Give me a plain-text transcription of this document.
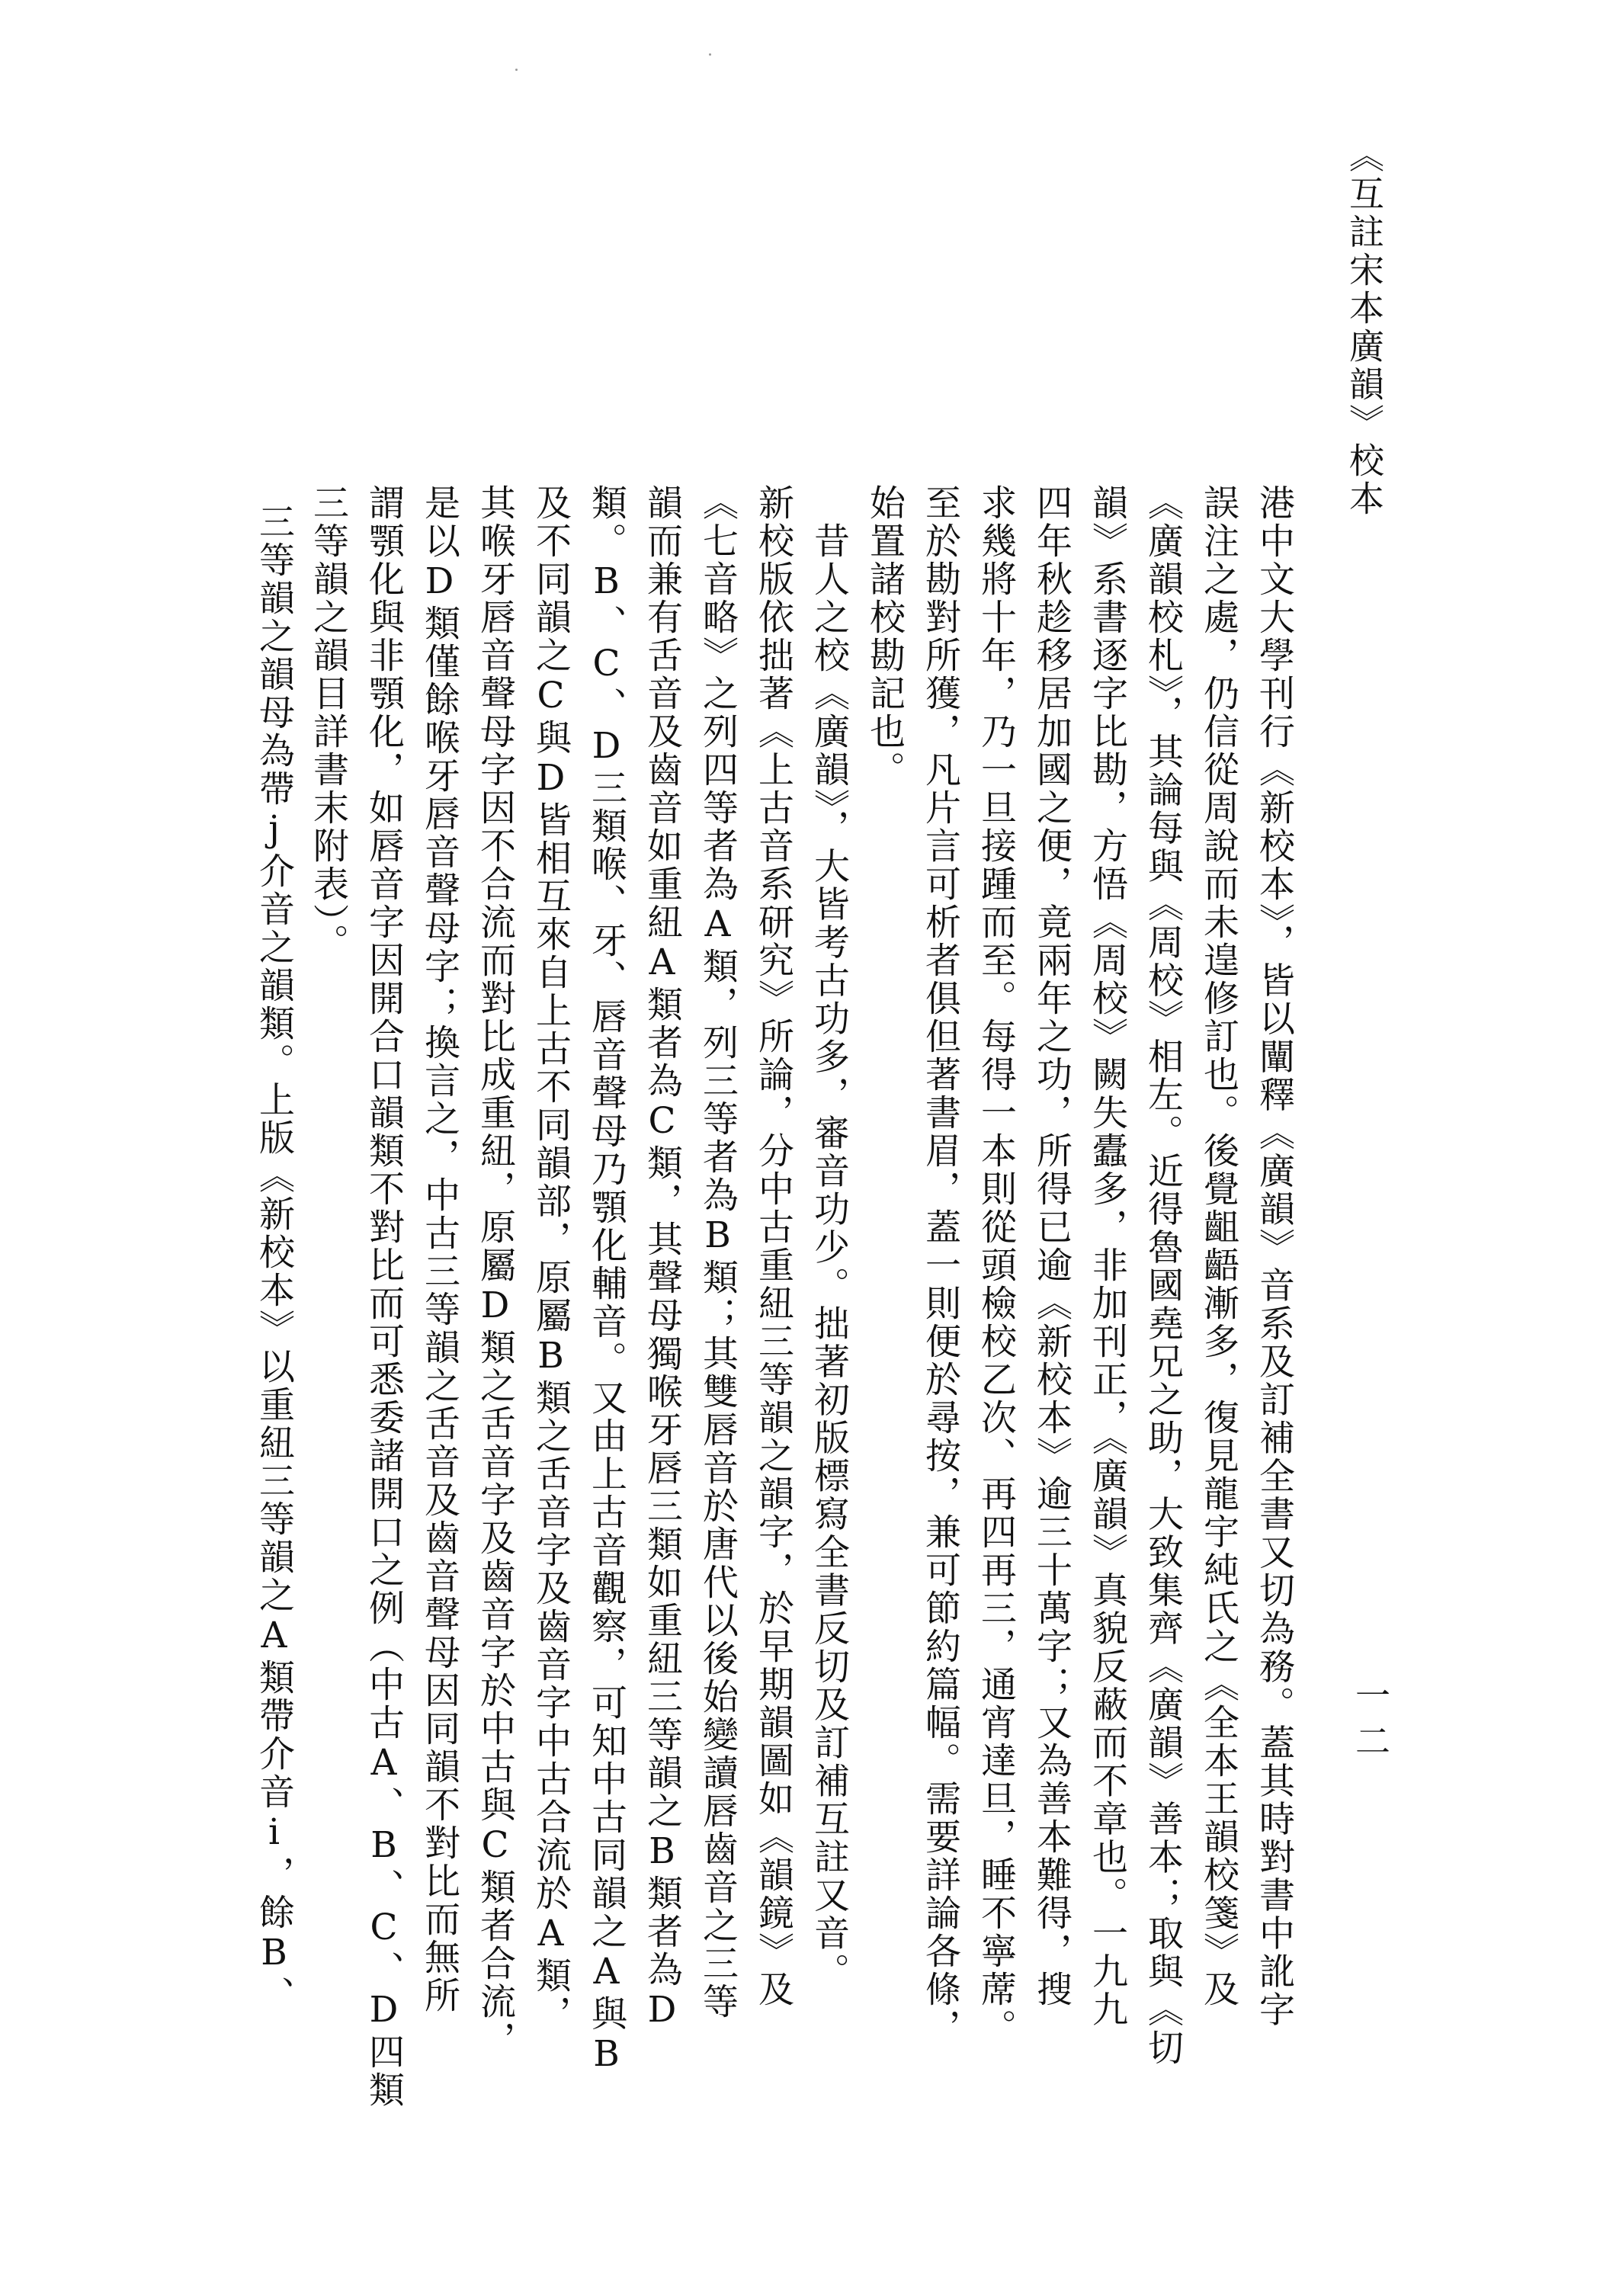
《互註宋本廣韻》校本
一二
港中文大學刊行《新校本》，皆以闡釋《廣韻》音系及訂補全書又切為務。蓋其時對書中訛字
誤注之處，仍信從周說而未遑修訂也。後覺齟齬漸多，復見龍宇純氏之《全本王韻校箋》及
《廣韻校札》，其論每與《周校》相左。近得魯國堯兄之助，大致集齊《廣韻》善本；取與《切
韻》系書逐字比勘，方悟《周校》闕失蠹多，非加刊正，《廣韻》真貌反蔽而不章也。一九九
四年秋趁移居加國之便，竟兩年之功，所得已逾《新校本》逾三十萬字；又為善本難得，搜
求幾將十年，乃一旦接踵而至。每得一本則從頭檢校乙次、再四再三，通宵達旦，睡不寧蓆。
至於勘對所獲，凡片言可析者俱但著書眉，蓋一則便於尋按，兼可節約篇幅。需要詳論各條，
始置諸校勘記也。
　昔人之校《廣韻》，大皆考古功多，審音功少。拙著初版標寫全書反切及訂補互註又音。
新校版依拙著《上古音系研究》所論，分中古重紐三等韻之韻字，於早期韻圖如《韻鏡》及
《七音略》之列四等者為A類，列三等者為B類；其雙唇音於唐代以後始變讀唇齒音之三等
韻而兼有舌音及齒音如重紐A類者為C類，其聲母獨喉牙唇三類如重紐三等韻之B類者為D
類。B、C、D三類喉、牙、唇音聲母乃顎化輔音。又由上古音觀察，可知中古同韻之A與B
及不同韻之C與D皆相互來自上古不同韻部，原屬B類之舌音字及齒音字中古合流於A類，
其喉牙唇音聲母字因不合流而對比成重紐，原屬D類之舌音字及齒音字於中古與C類者合流，
是以D類僅餘喉牙唇音聲母字；換言之，中古三等韻之舌音及齒音聲母因同韻不對比而無所
謂顎化與非顎化，如唇音字因開合口韻類不對比而可悉委諸開口之例（中古A、B、C、D四類
三等韻之韻目詳書末附表）。
三等韻之韻母為帶j介音之韻類。上版《新校本》以重紐三等韻之A類帶介音i，餘B、
